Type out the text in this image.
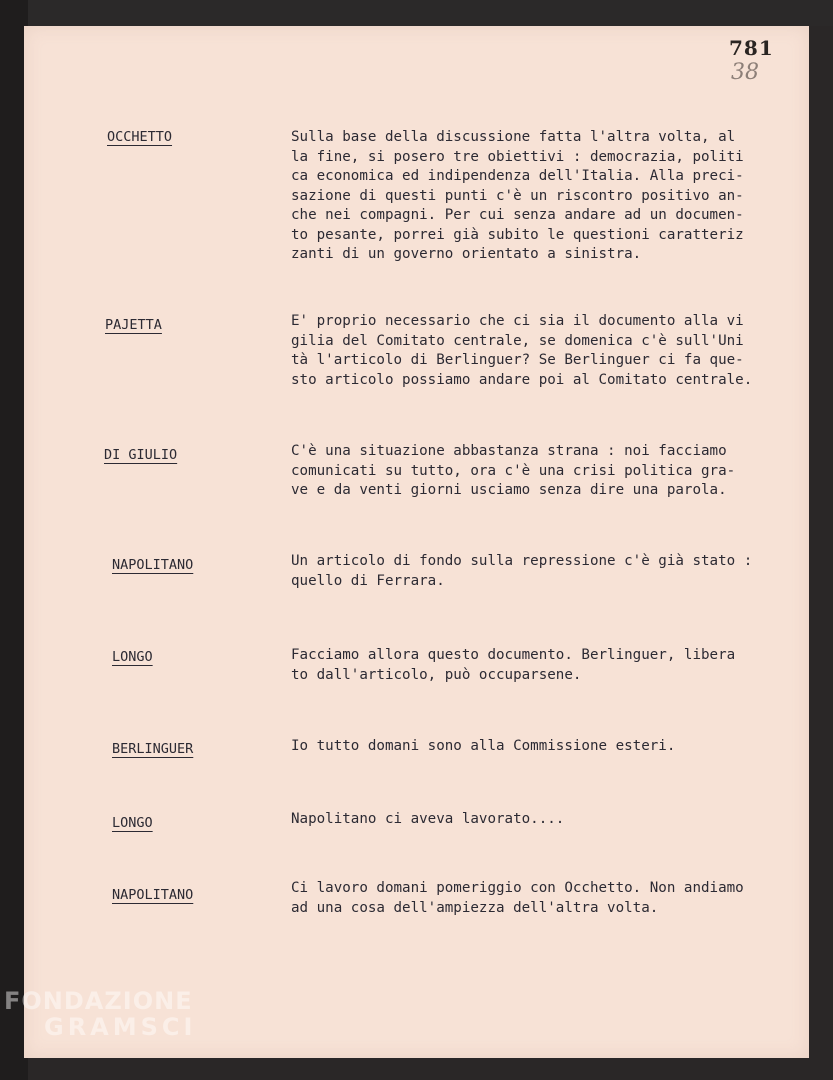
781
38
OCCHETTO	Sulla base della discussione fatta l'altra volta, al
la fine, si posero tre obiettivi : democrazia, politi
ca economica ed indipendenza dell'Italia. Alla preci-
sazione di questi punti c'è un riscontro positivo an-
che nei compagni. Per cui senza andare ad un documen-
to pesante, porrei già subito le questioni caratteriz
zanti di un governo orientato a sinistra.
PAJETTA	E' proprio necessario che ci sia il documento alla vi
gilia del Comitato centrale, se domenica c'è sull'Uni
tà l'articolo di Berlinguer? Se Berlinguer ci fa que-
sto articolo possiamo andare poi al Comitato centrale.
DI GIULIO	C'è una situazione abbastanza strana : noi facciamo
comunicati su tutto, ora c'è una crisi politica gra-
ve e da venti giorni usciamo senza dire una parola.
NAPOLITANO	Un articolo di fondo sulla repressione c'è già stato :
quello di Ferrara.
LONGO	Facciamo allora questo documento. Berlinguer, libera
to dall'articolo, può occuparsene.
BERLINGUER	Io tutto domani sono alla Commissione esteri.
LONGO	Napolitano ci aveva lavorato....
NAPOLITANO	Ci lavoro domani pomeriggio con Occhetto. Non andiamo
ad una cosa dell'ampiezza dell'altra volta.
FONDAZIONE
GRAMSCI
